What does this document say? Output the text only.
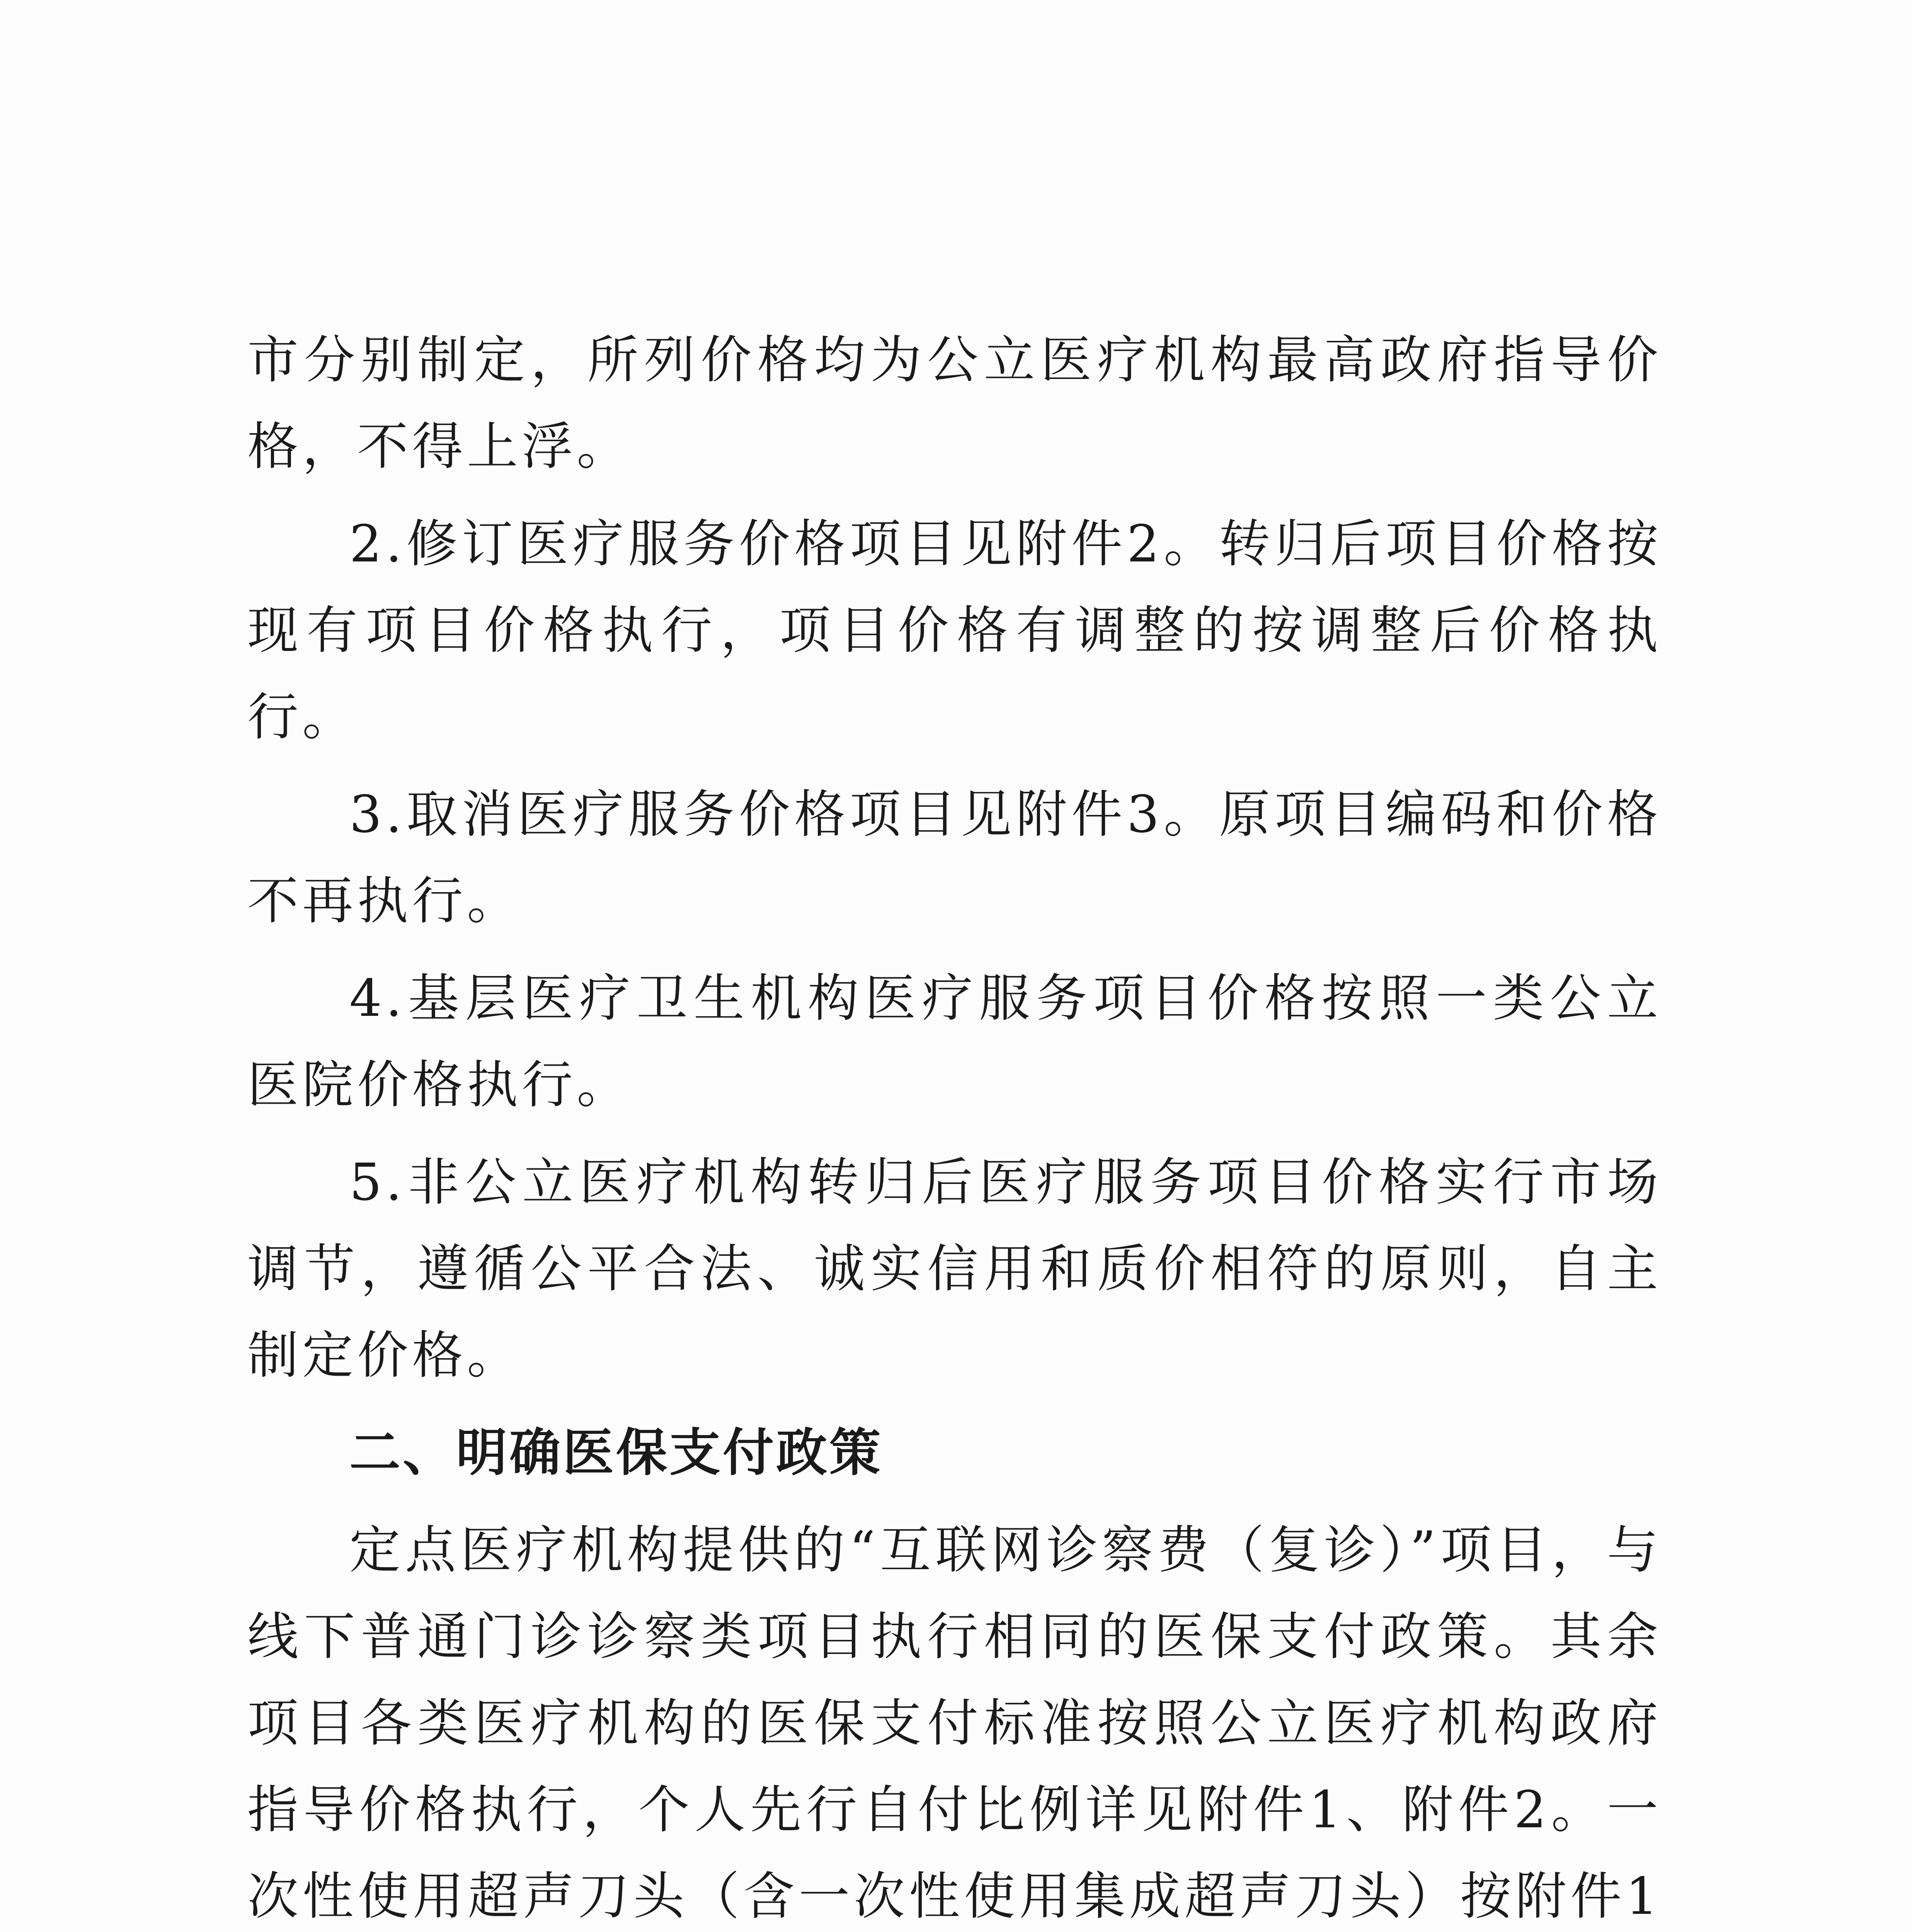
市分别制定，所列价格均为公立医疗机构最高政府指导价格，不得上浮。

2.修订医疗服务价格项目见附件2。转归后项目价格按现有项目价格执行，项目价格有调整的按调整后价格执行。

3.取消医疗服务价格项目见附件3。原项目编码和价格不再执行。

4.基层医疗卫生机构医疗服务项目价格按照一类公立医院价格执行。

5.非公立医疗机构转归后医疗服务项目价格实行市场调节，遵循公平合法、诚实信用和质价相符的原则，自主制定价格。

二、明确医保支付政策

定点医疗机构提供的“互联网诊察费（复诊）”项目，与线下普通门诊诊察类项目执行相同的医保支付政策。其余项目各类医疗机构的医保支付标准按照公立医疗机构政府指导价格执行，个人先行自付比例详见附件1、附件2。一次性使用超声刀头（含一次性使用集成超声刀头）按附件1
